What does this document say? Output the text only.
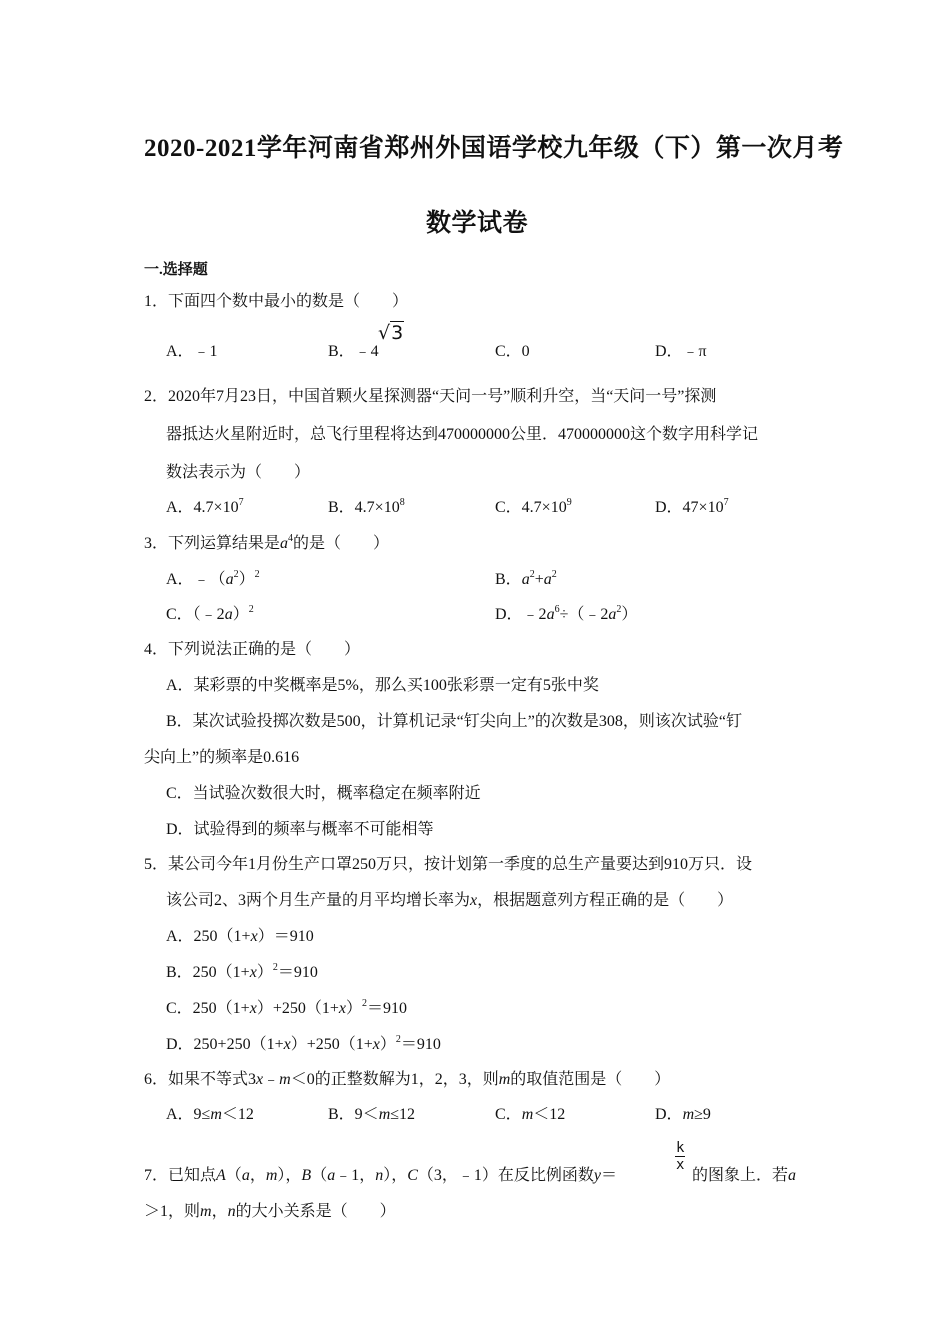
2020-2021学年河南省郑州外国语学校九年级（下）第一次月考
数学试卷
一.选择题
1．下面四个数中最小的数是（　　）
A．﹣1	B．﹣4
√3
C．0	D．﹣π
2．2020年7月23日，中国首颗火星探测器“天问一号”顺利升空，当“天问一号”探测
器抵达火星附近时，总飞行里程将达到470000000公里．470000000这个数字用科学记
数法表示为（　　）
A．$4.7\times 10^7$	B．$4.7\times 10^8$	C．$4.7\times 10^9$	D．$47\times 10^7$
3．下列运算结果是$a^4$的是（　　）
A．$﹣(a^2)^2$	B．$a^2+a^2$
C．（﹣2a）$^2$	D．$﹣2a^6\div(﹣2a^2)$
4．下列说法正确的是（　　）
A．某彩票的中奖概率是5%，那么买100张彩票一定有5张中奖
B．某次试验投掷次数是500，计算机记录“钉尖向上”的次数是308，则该次试验“钉
尖向上”的频率是0.616
C．当试验次数很大时，概率稳定在频率附近
D．试验得到的频率与概率不可能相等
5．某公司今年1月份生产口罩250万只，按计划第一季度的总生产量要达到910万只．设
该公司2、3两个月生产量的月平均增长率为x，根据题意列方程正确的是（　　）
A．250（1+x）＝910
B．$250(1+x)^2=910$
C．$250(1+x)+250(1+x)^2=910$
D．$250+250(1+x)+250(1+x)^2=910$
6．如果不等式3x﹣m＜0的正整数解为1，2，3，则m的取值范围是（　　）
A．9≤m＜12	B．9＜m≤12	C．m＜12	D．m≥9
7．已知点A（a，m），B（a﹣1，n），C（3，﹣1）在反比例函数y＝
$\frac{k}{x}$
的图象上．若a
＞1，则m，n的大小关系是（　　）
